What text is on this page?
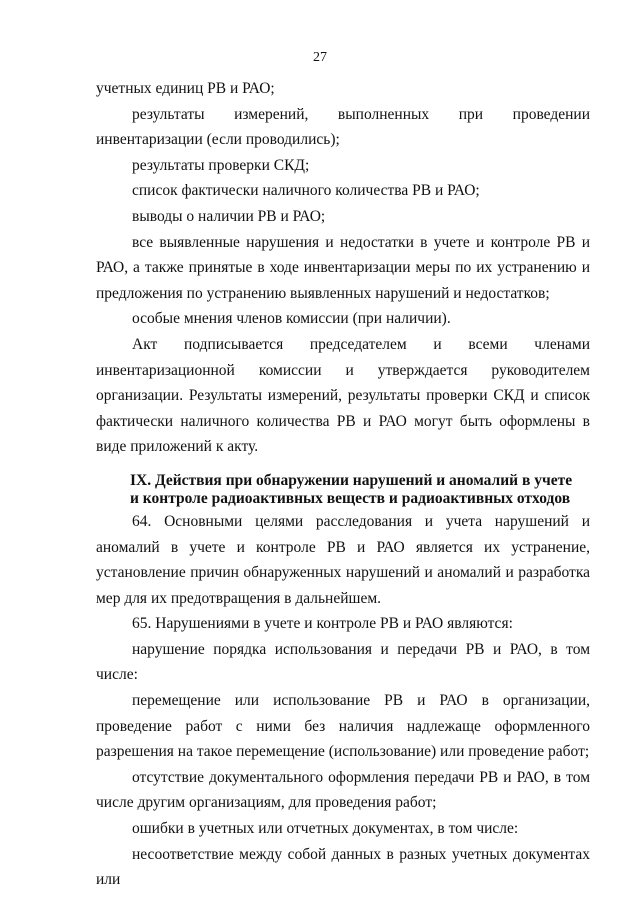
27

учетных единиц РВ и РАО;

результаты измерений, выполненных при проведении инвентаризации (если проводились);

результаты проверки СКД;

список фактически наличного количества РВ и РАО;

выводы о наличии РВ и РАО;

все выявленные нарушения и недостатки в учете и контроле РВ и РАО, а также принятые в ходе инвентаризации меры по их устранению и предложения по устранению выявленных нарушений и недостатков;

особые мнения членов комиссии (при наличии).

Акт подписывается председателем и всеми членами инвентаризационной комиссии и утверждается руководителем организации. Результаты измерений, результаты проверки СКД и список фактически наличного количества РВ и РАО могут быть оформлены в виде приложений к акту.

IX. Действия при обнаружении нарушений и аномалий в учете
и контроле радиоактивных веществ и радиоактивных отходов

64. Основными целями расследования и учета нарушений и аномалий в учете и контроле РВ и РАО является их устранение, установление причин обнаруженных нарушений и аномалий и разработка мер для их предотвращения в дальнейшем.

65. Нарушениями в учете и контроле РВ и РАО являются:

нарушение порядка использования и передачи РВ и РАО, в том числе:

перемещение или использование РВ и РАО в организации, проведение работ с ними без наличия надлежаще оформленного разрешения на такое перемещение (использование) или проведение работ;

отсутствие документального оформления передачи РВ и РАО, в том числе другим организациям, для проведения работ;

ошибки в учетных или отчетных документах, в том числе:

несоответствие между собой данных в разных учетных документах или
